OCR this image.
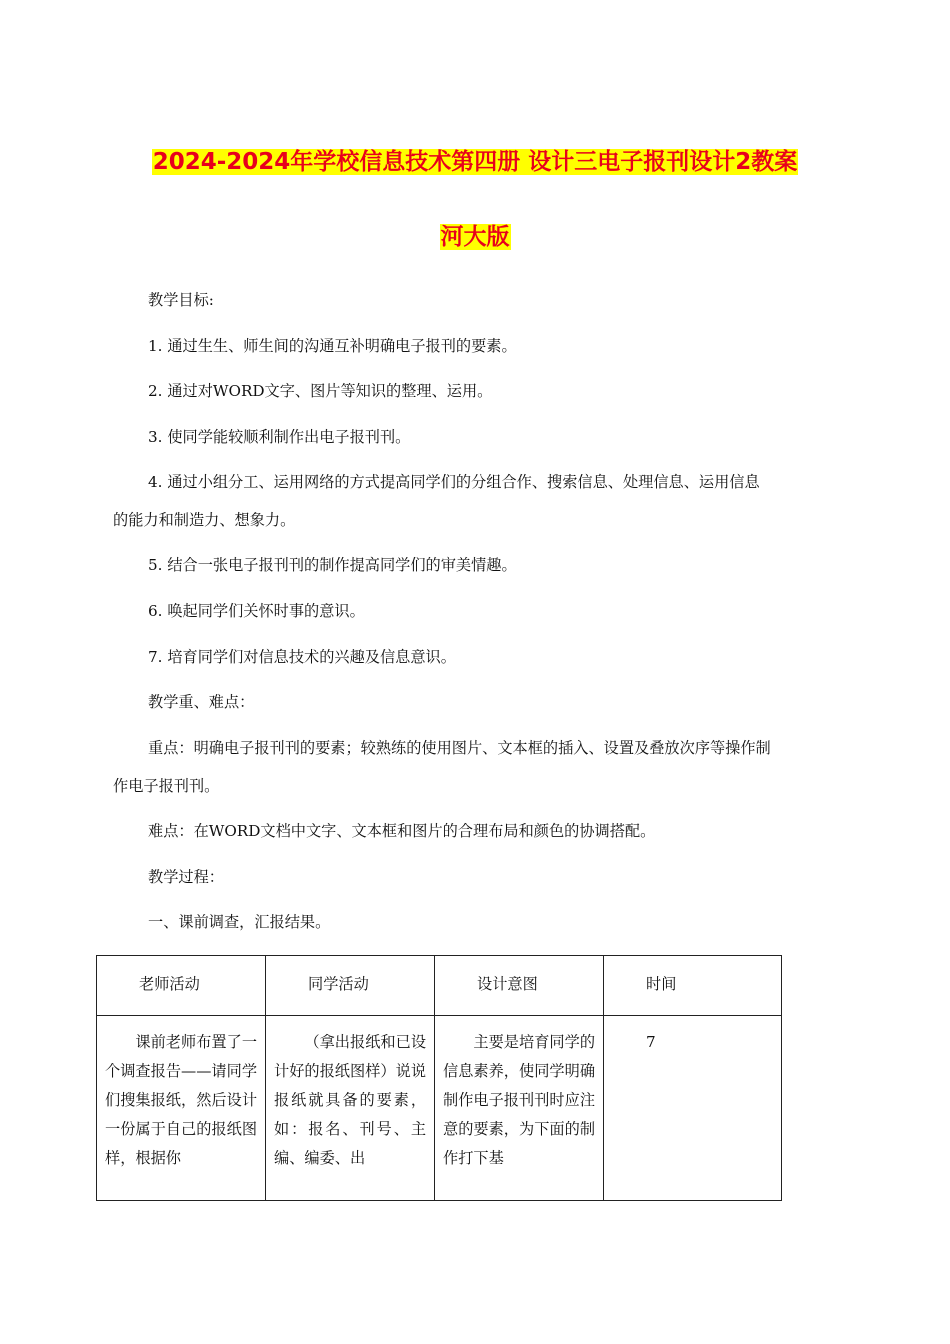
2024-2024年学校信息技术第四册 设计三电子报刊设计2教案
河大版
教学目标:
1. 通过生生、师生间的沟通互补明确电子报刊的要素。
2. 通过对WORD文字、图片等知识的整理、运用。
3. 使同学能较顺利制作出电子报刊刊。
4. 通过小组分工、运用网络的方式提高同学们的分组合作、搜索信息、处理信息、运用信息
的能力和制造力、想象力。
5. 结合一张电子报刊刊的制作提高同学们的审美情趣。
6. 唤起同学们关怀时事的意识。
7. 培育同学们对信息技术的兴趣及信息意识。
教学重、难点：
重点：明确电子报刊刊的要素；较熟练的使用图片、文本框的插入、设置及叠放次序等操作制
作电子报刊刊。
难点：在WORD文档中文字、文本框和图片的合理布局和颜色的协调搭配。
教学过程：
一、课前调查，汇报结果。
老师活动	同学活动	设计意图	时间

课前老师布置了一个调查报告——请同学们搜集报纸，然后设计一份属于自己的报纸图样，根据你	（拿出报纸和已设计好的报纸图样）说说报纸就具备的要素，如：报名、刊号、主编、编委、出	主要是培育同学的信息素养，使同学明确制作电子报刊刊时应注意的要素，为下面的制作打下基	7
